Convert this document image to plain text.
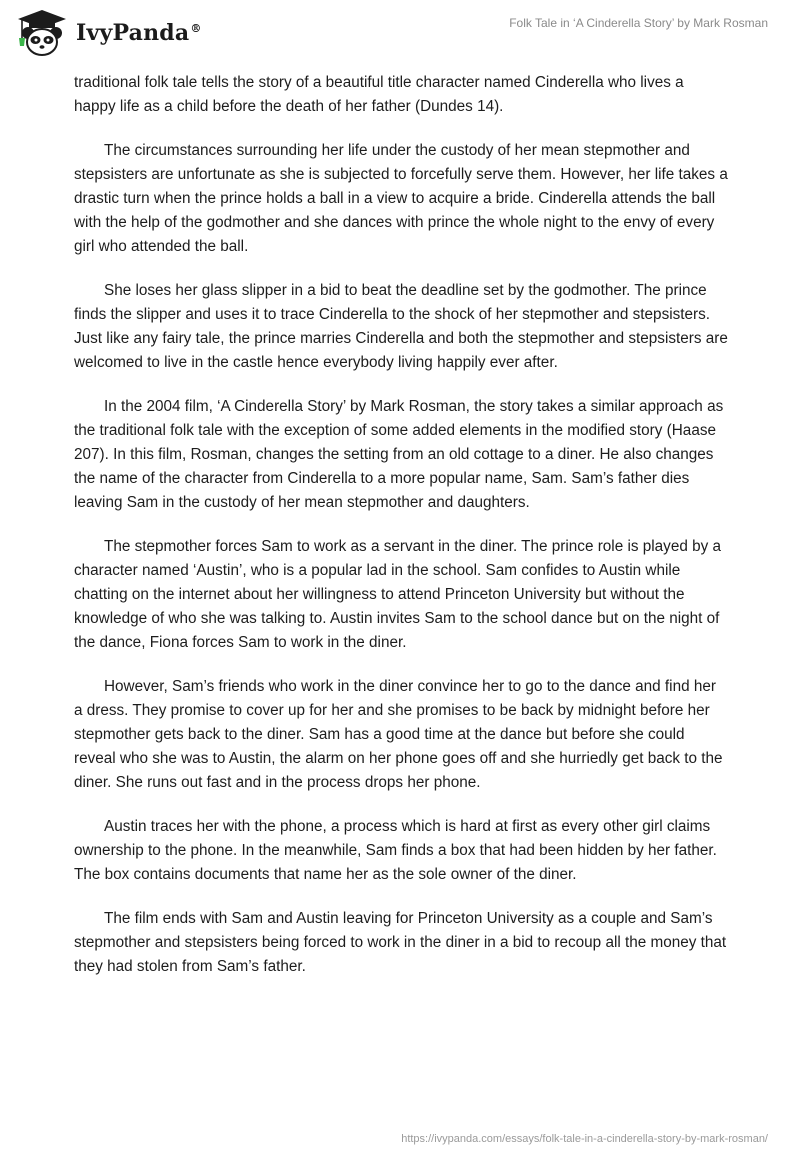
IvyPanda®	Folk Tale in ‘A Cinderella Story’ by Mark Rosman

traditional folk tale tells the story of a beautiful title character named Cinderella who lives a happy life as a child before the death of her father (Dundes 14).

The circumstances surrounding her life under the custody of her mean stepmother and stepsisters are unfortunate as she is subjected to forcefully serve them. However, her life takes a drastic turn when the prince holds a ball in a view to acquire a bride. Cinderella attends the ball with the help of the godmother and she dances with prince the whole night to the envy of every girl who attended the ball.

She loses her glass slipper in a bid to beat the deadline set by the godmother. The prince finds the slipper and uses it to trace Cinderella to the shock of her stepmother and stepsisters. Just like any fairy tale, the prince marries Cinderella and both the stepmother and stepsisters are welcomed to live in the castle hence everybody living happily ever after.

In the 2004 film, ‘A Cinderella Story’ by Mark Rosman, the story takes a similar approach as the traditional folk tale with the exception of some added elements in the modified story (Haase 207). In this film, Rosman, changes the setting from an old cottage to a diner. He also changes the name of the character from Cinderella to a more popular name, Sam. Sam’s father dies leaving Sam in the custody of her mean stepmother and daughters.

The stepmother forces Sam to work as a servant in the diner. The prince role is played by a character named ‘Austin’, who is a popular lad in the school. Sam confides to Austin while chatting on the internet about her willingness to attend Princeton University but without the knowledge of who she was talking to. Austin invites Sam to the school dance but on the night of the dance, Fiona forces Sam to work in the diner.

However, Sam’s friends who work in the diner convince her to go to the dance and find her a dress. They promise to cover up for her and she promises to be back by midnight before her stepmother gets back to the diner. Sam has a good time at the dance but before she could reveal who she was to Austin, the alarm on her phone goes off and she hurriedly get back to the diner. She runs out fast and in the process drops her phone.

Austin traces her with the phone, a process which is hard at first as every other girl claims ownership to the phone. In the meanwhile, Sam finds a box that had been hidden by her father. The box contains documents that name her as the sole owner of the diner.

The film ends with Sam and Austin leaving for Princeton University as a couple and Sam’s stepmother and stepsisters being forced to work in the diner in a bid to recoup all the money that they had stolen from Sam’s father.

https://ivypanda.com/essays/folk-tale-in-a-cinderella-story-by-mark-rosman/
